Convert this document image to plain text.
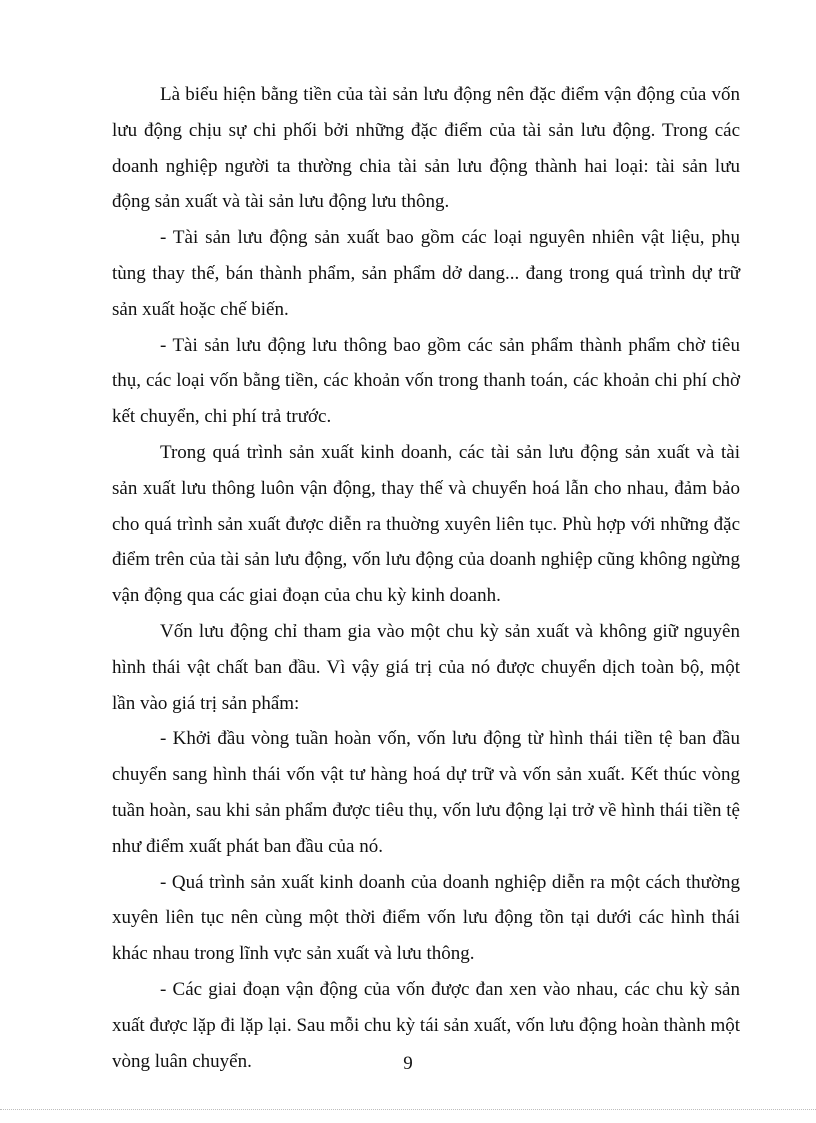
Là biểu hiện bằng tiền của tài sản lưu động nên đặc điểm vận động của vốn lưu động chịu sự chi phối bởi những đặc điểm của tài sản lưu động. Trong các doanh nghiệp người ta thường chia tài sản lưu động thành hai loại: tài sản lưu động sản xuất và tài sản lưu động lưu thông.

- Tài sản lưu động sản xuất bao gồm các loại nguyên nhiên vật liệu, phụ tùng thay thế, bán thành phẩm, sản phẩm dở dang... đang trong quá trình dự trữ sản xuất hoặc chế biến.

- Tài sản lưu động lưu thông bao gồm các sản phẩm thành phẩm chờ tiêu thụ, các loại vốn bằng tiền, các khoản vốn trong thanh toán, các khoản chi phí chờ kết chuyển, chi phí trả trước.

Trong quá trình sản xuất kinh doanh, các tài sản lưu động sản xuất và tài sản xuất lưu thông luôn vận động, thay thế và chuyển hoá lẫn cho nhau, đảm bảo cho quá trình sản xuất được diễn ra thuờng xuyên liên tục. Phù hợp với những đặc điểm trên của tài sản lưu động, vốn lưu động của doanh nghiệp cũng không ngừng vận động qua các giai đoạn của chu kỳ kinh doanh.

Vốn lưu động chỉ tham gia vào một chu kỳ sản xuất và không giữ nguyên hình thái vật chất ban đầu. Vì vậy giá trị của nó được chuyển dịch toàn bộ, một lần vào giá trị sản phẩm:

- Khởi đầu vòng tuần hoàn vốn, vốn lưu động từ hình thái tiền tệ ban đầu chuyển sang hình thái vốn vật tư hàng hoá dự trữ và vốn sản xuất. Kết thúc vòng tuần hoàn, sau khi sản phẩm được tiêu thụ, vốn lưu động lại trở về hình thái tiền tệ như điểm xuất phát ban đầu của nó.

- Quá trình sản xuất kinh doanh của doanh nghiệp diễn ra một cách thường xuyên liên tục nên cùng một thời điểm vốn lưu động tồn tại dưới các hình thái khác nhau trong lĩnh vực sản xuất và lưu thông.

- Các giai đoạn vận động của vốn được đan xen vào nhau, các chu kỳ sản xuất được lặp đi lặp lại. Sau mỗi chu kỳ tái sản xuất, vốn lưu động hoàn thành một vòng luân chuyển.	9
